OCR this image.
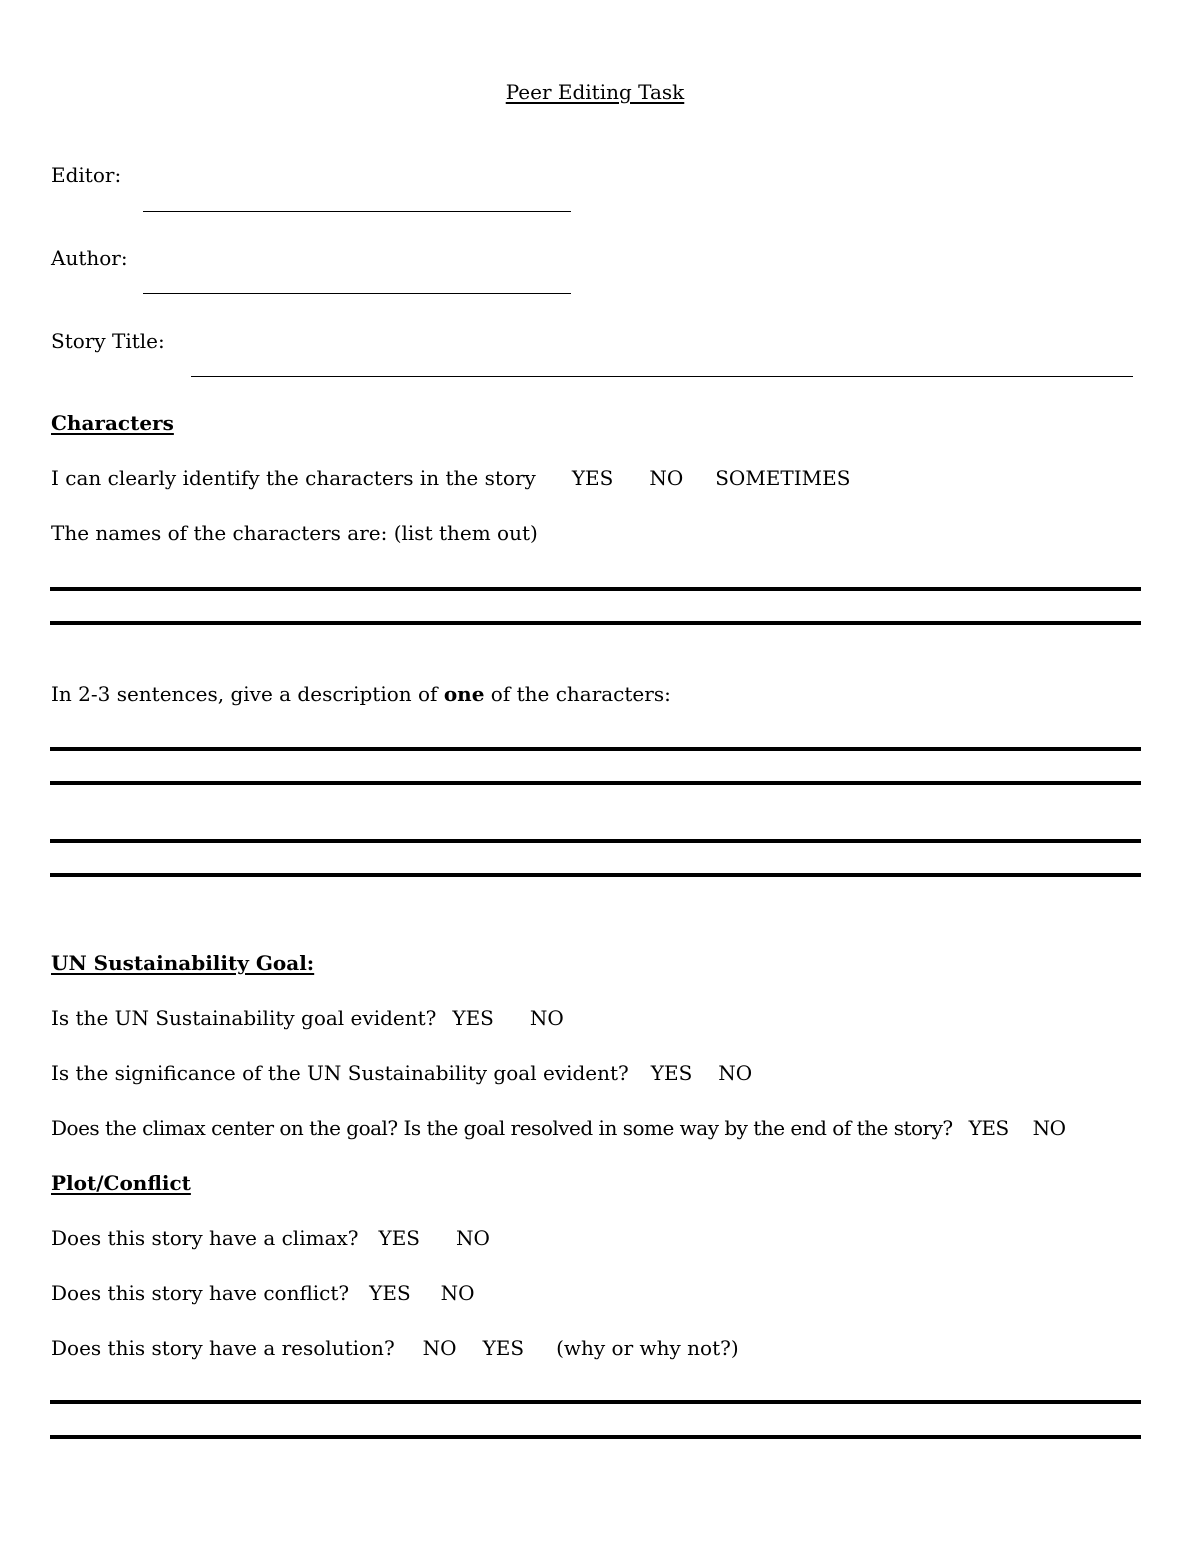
Peer Editing Task
Editor:
Author:
Story Title:
Characters
I can clearly identify the characters in the story YES NO SOMETIMES
The names of the characters are: (list them out)
In 2-3 sentences, give a description of one of the characters:
UN Sustainability Goal:
Is the UN Sustainability goal evident? YES NO
Is the significance of the UN Sustainability goal evident? YES NO
Does the climax center on the goal? Is the goal resolved in some way by the end of the story? YES NO
Plot/Conflict
Does this story have a climax? YES NO
Does this story have conflict? YES NO
Does this story have a resolution? NO YES (why or why not?)
